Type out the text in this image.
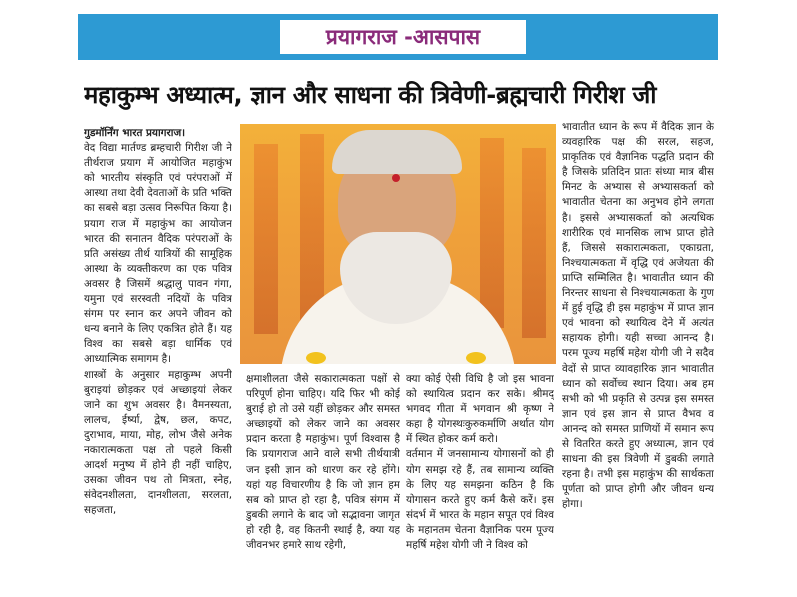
प्रयागराज -आसपास
महाकुम्भ अध्यात्म, ज्ञान और साधना की त्रिवेणी-ब्रह्मचारी गिरीश जी

गुडमॉर्निंग भारत प्रयागराज।
वेद विद्या मार्तण्ड ब्रम्हचारी गिरीश जी ने तीर्थराज प्रयाग में आयोजित महाकुंभ को भारतीय संस्कृति एवं परंपराओं में आस्था तथा देवी देवताओं के प्रति भक्ति का सबसे बड़ा उत्सव निरूपित किया है। प्रयाग राज में महाकुंभ का आयोजन भारत की सनातन वैदिक परंपराओं के प्रति असंख्य तीर्थ यात्रियों की सामूहिक आस्था के व्यक्तीकरण का एक पवित्र अवसर है जिसमें श्रद्धालु पावन गंगा, यमुना एवं सरस्वती नदियों के पवित्र संगम पर स्नान कर अपने जीवन को धन्य बनाने के लिए एकत्रित होते हैं। यह विश्व का सबसे बड़ा धार्मिक एवं आध्यात्मिक समागम है।

शास्त्रों के अनुसार महाकुम्भ अपनी बुराइयां छोड़कर एवं अच्छाइयां लेकर जाने का शुभ अवसर है। वैमनस्यता, लालच, ईर्ष्या, द्वेष, छल, कपट, दुराभाव, माया, मोह, लोभ जैसे अनेक नकारात्मकता पक्ष तो पहले किसी आदर्श मनुष्य में होने ही नहीं चाहिए, उसका जीवन पथ तो मित्रता, स्नेह, संवेदनशीलता, दानशीलता, सरलता, सहजता,

क्षमाशीलता जैसे सकारात्मकता पक्षों से परिपूर्ण होना चाहिए। यदि फिर भी कोई बुराई हो तो उसे यहीं छोड़कर और समस्त अच्छाइयों को लेकर जाने का अवसर प्रदान करता है महाकुंभ। पूर्ण विश्वास है कि प्रयागराज आने वाले सभी तीर्थयात्री जन इसी ज्ञान को धारण कर रहे होंगे। यहां यह विचारणीय है कि जो ज्ञान हम सब को प्राप्त हो रहा है, पवित्र संगम में डुबकी लगाने के बाद जो सद्भावना जागृत हो रही है, वह कितनी स्थाई है, क्या यह जीवनभर हमारे साथ रहेगी,

क्या कोई ऐसी विधि है जो इस भावना को स्थायित्व प्रदान कर सके। श्रीमद् भगवद गीता में भगवान श्री कृष्ण ने कहा है योगस्थःकुरुकर्माणि अर्थात योग में स्थित होकर कर्म करो।

वर्तमान में जनसामान्य योगासनों को ही योग समझ रहे हैं, तब सामान्य व्यक्ति के लिए यह समझना कठिन है कि योगासन करते हुए कर्म कैसे करें। इस संदर्भ में भारत के महान सपूत एवं विश्व के महानतम चेतना वैज्ञानिक परम पूज्य महर्षि महेश योगी जी ने विश्व को

भावातीत ध्यान के रूप में वैदिक ज्ञान के व्यवहारिक पक्ष की सरल, सहज, प्राकृतिक एवं वैज्ञानिक पद्धति प्रदान की है जिसके प्रतिदिन प्रातः संध्या मात्र बीस मिनट के अभ्यास से अभ्यासकर्ता को भावातीत चेतना का अनुभव होने लगता है। इससे अभ्यासकर्ता को अत्यधिक शारीरिक एवं मानसिक लाभ प्राप्त होते हैं, जिससे सकारात्मकता, एकाग्रता, निश्चयात्मकता में वृद्धि एवं अजेयता की प्राप्ति सम्मिलित है। भावातीत ध्यान की निरन्तर साधना से निश्चयात्मकता के गुण में हुई वृद्धि ही इस महाकुंभ में प्राप्त ज्ञान एवं भावना को स्थायित्व देने में अत्यंत सहायक होगी। यही सच्चा आनन्द है। परम पूज्य महर्षि महेश योगी जी ने सदैव वेदों से प्राप्त व्यावहारिक ज्ञान भावातीत ध्यान को सर्वोच्च स्थान दिया। अब हम सभी को भी प्रकृति से उत्पन्न इस समस्त ज्ञान एवं इस ज्ञान से प्राप्त वैभव व आनन्द को समस्त प्राणियों में समान रूप से वितरित करते हुए अध्यात्म, ज्ञान एवं साधना की इस त्रिवेणी में डुबकी लगाते रहना है। तभी इस महाकुंभ की सार्थकता पूर्णता को प्राप्त होगी और जीवन धन्य होगा।
